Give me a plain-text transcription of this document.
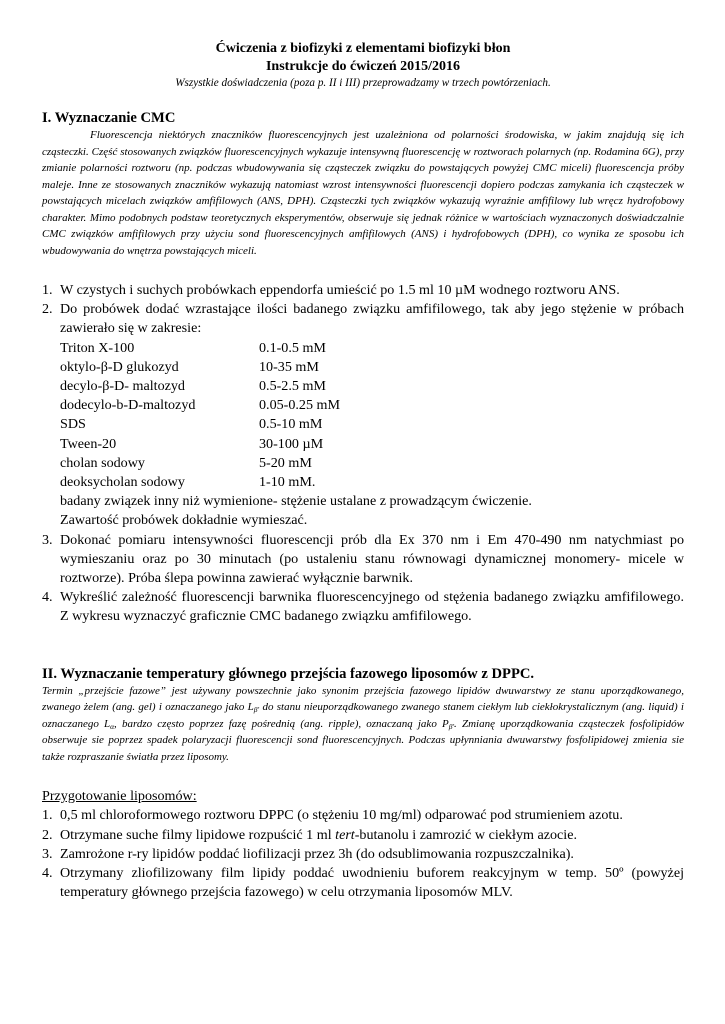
Ćwiczenia z biofizyki z elementami biofizyki błon
Instrukcje do ćwiczeń 2015/2016
Wszystkie doświadczenia (poza p. II i III) przeprowadzamy w trzech powtórzeniach.
I. Wyznaczanie CMC
Fluorescencja niektórych znaczników fluorescencyjnych jest uzależniona od polarności środowiska, w jakim znajdują się ich cząsteczki. Część stosowanych związków fluorescencyjnych wykazuje intensywną fluorescencję w roztworach polarnych (np. Rodamina 6G), przy zmianie polarności roztworu (np. podczas wbudowywania się cząsteczek związku do powstających powyżej CMC miceli) fluorescencja próby maleje. Inne ze stosowanych znaczników wykazują natomiast wzrost intensywności fluorescencji dopiero podczas zamykania ich cząsteczek w powstających micelach związków amfifilowych (ANS, DPH). Cząsteczki tych związków wykazują wyraźnie amfifilowy lub wręcz hydrofobowy charakter. Mimo podobnych podstaw teoretycznych eksperymentów, obserwuje się jednak różnice w wartościach wyznaczonych doświadczalnie CMC związków amfifilowych przy użyciu sond fluorescencyjnych amfifilowych (ANS) i hydrofobowych (DPH), co wynika ze sposobu ich wbudowywania do wnętrza powstających miceli.
1. W czystych i suchych probówkach eppendorfa umieścić po 1.5 ml 10 µM wodnego roztworu ANS.
2. Do probówek dodać wzrastające ilości badanego związku amfifilowego, tak aby jego stężenie w próbach zawierało się w zakresie:
Triton X-100	0.1-0.5 mM
oktylo-β-D glukozyd	10-35 mM
decylo-β-D- maltozyd	0.5-2.5 mM
dodecylo-b-D-maltozyd	0.05-0.25 mM
SDS	0.5-10 mM
Tween-20	30-100 µM
cholan sodowy	5-20 mM
deoksycholan sodowy	1-10 mM.
badany związek inny niż wymienione- stężenie ustalane z prowadzącym ćwiczenie.
Zawartość probówek dokładnie wymieszać.
3. Dokonać pomiaru intensywności fluorescencji prób dla Ex 370 nm i Em 470-490 nm natychmiast po wymieszaniu oraz po 30 minutach (po ustaleniu stanu równowagi dynamicznej monomery- micele w roztworze). Próba ślepa powinna zawierać wyłącznie barwnik.
4. Wykreślić zależność fluorescencji barwnika fluorescencyjnego od stężenia badanego związku amfifilowego. Z wykresu wyznaczyć graficznie CMC badanego związku amfifilowego.
II. Wyznaczanie temperatury głównego przejścia fazowego liposomów z DPPC.
Termin „przejście fazowe” jest używany powszechnie jako synonim przejścia fazowego lipidów dwuwarstwy ze stanu uporządkowanego, zwanego żelem (ang. gel) i oznaczanego jako $L_{\beta'}$ do stanu nieuporządkowanego zwanego stanem ciekłym lub ciekłokrystalicznym (ang. liquid) i oznaczanego $L_\alpha$, bardzo często poprzez fazę pośrednią (ang. ripple), oznaczaną jako $P_{\beta'}$. Zmianę uporządkowania cząsteczek fosfolipidów obserwuje sie poprzez spadek polaryzacji fluorescencji sond fluorescencyjnych. Podczas upłynniania dwuwarstwy fosfolipidowej zmienia sie także rozpraszanie światła przez liposomy.
Przygotowanie liposomów:
1. 0,5 ml chloroformowego roztworu DPPC (o stężeniu 10 mg/ml) odparować pod strumieniem azotu.
2. Otrzymane suche filmy lipidowe rozpuścić 1 ml tert-butanolu i zamrozić w ciekłym azocie.
3. Zamrożone r-ry lipidów poddać liofilizacji przez 3h (do odsublimowania rozpuszczalnika).
4. Otrzymany zliofilizowany film lipidy poddać uwodnieniu buforem reakcyjnym w temp. 50º (powyżej temperatury głównego przejścia fazowego) w celu otrzymania liposomów MLV.
